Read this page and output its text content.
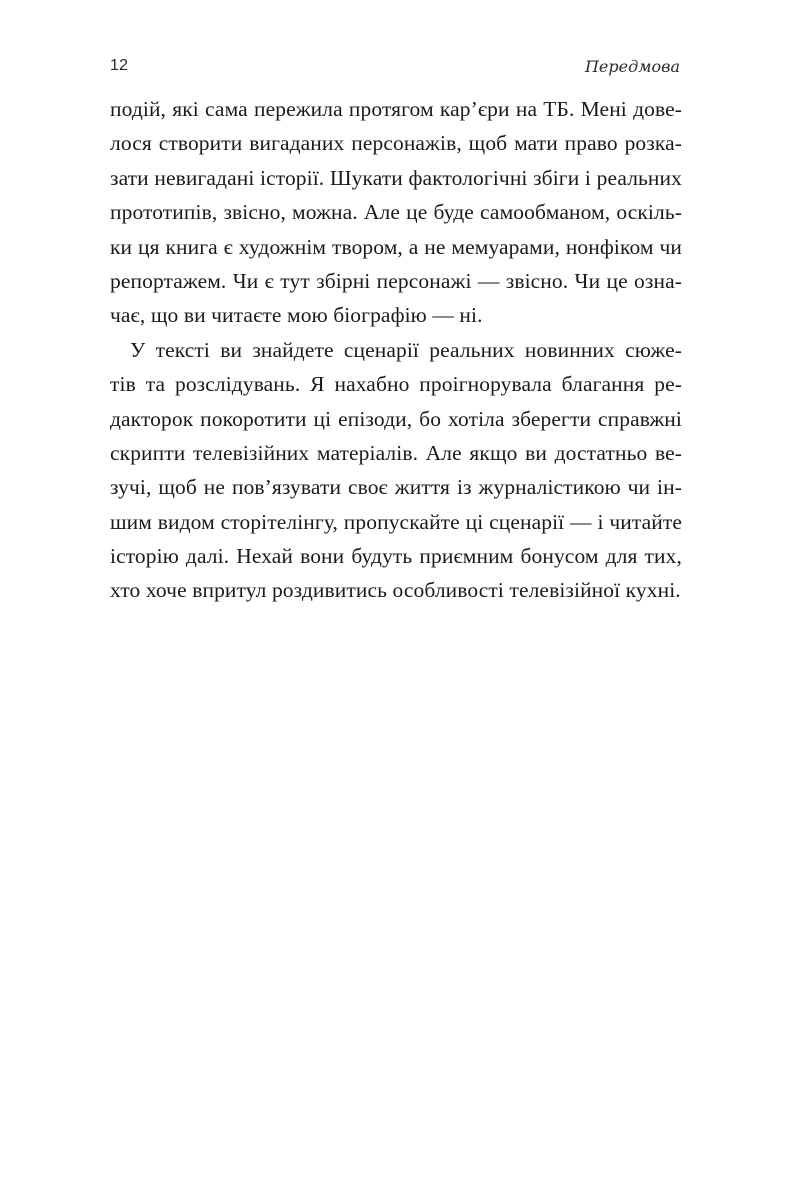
12	Передмова
подій, які сама пережила протягом кар’єри на ТБ. Мені дове-
лося створити вигаданих персонажів, щоб мати право розка-
зати невигадані історії. Шукати фактологічні збіги і реальних
прототипів, звісно, можна. Але це буде самообманом, оскіль-
ки ця книга є художнім твором, а не мемуарами, нонфіком чи
репортажем. Чи є тут збірні персонажі — звісно. Чи це озна-
чає, що ви читаєте мою біографію — ні.
У тексті ви знайдете сценарії реальних новинних сюже-
тів та розслідувань. Я нахабно проігнорувала благання ре-
дакторок покоротити ці епізоди, бо хотіла зберегти справжні
скрипти телевізійних матеріалів. Але якщо ви достатньо ве-
зучі, щоб не пов’язувати своє життя із журналістикою чи ін-
шим видом сторітелінгу, пропускайте ці сценарії — і читайте
історію далі. Нехай вони будуть приємним бонусом для тих,
хто хоче впритул роздивитись особливості телевізійної кухні.
